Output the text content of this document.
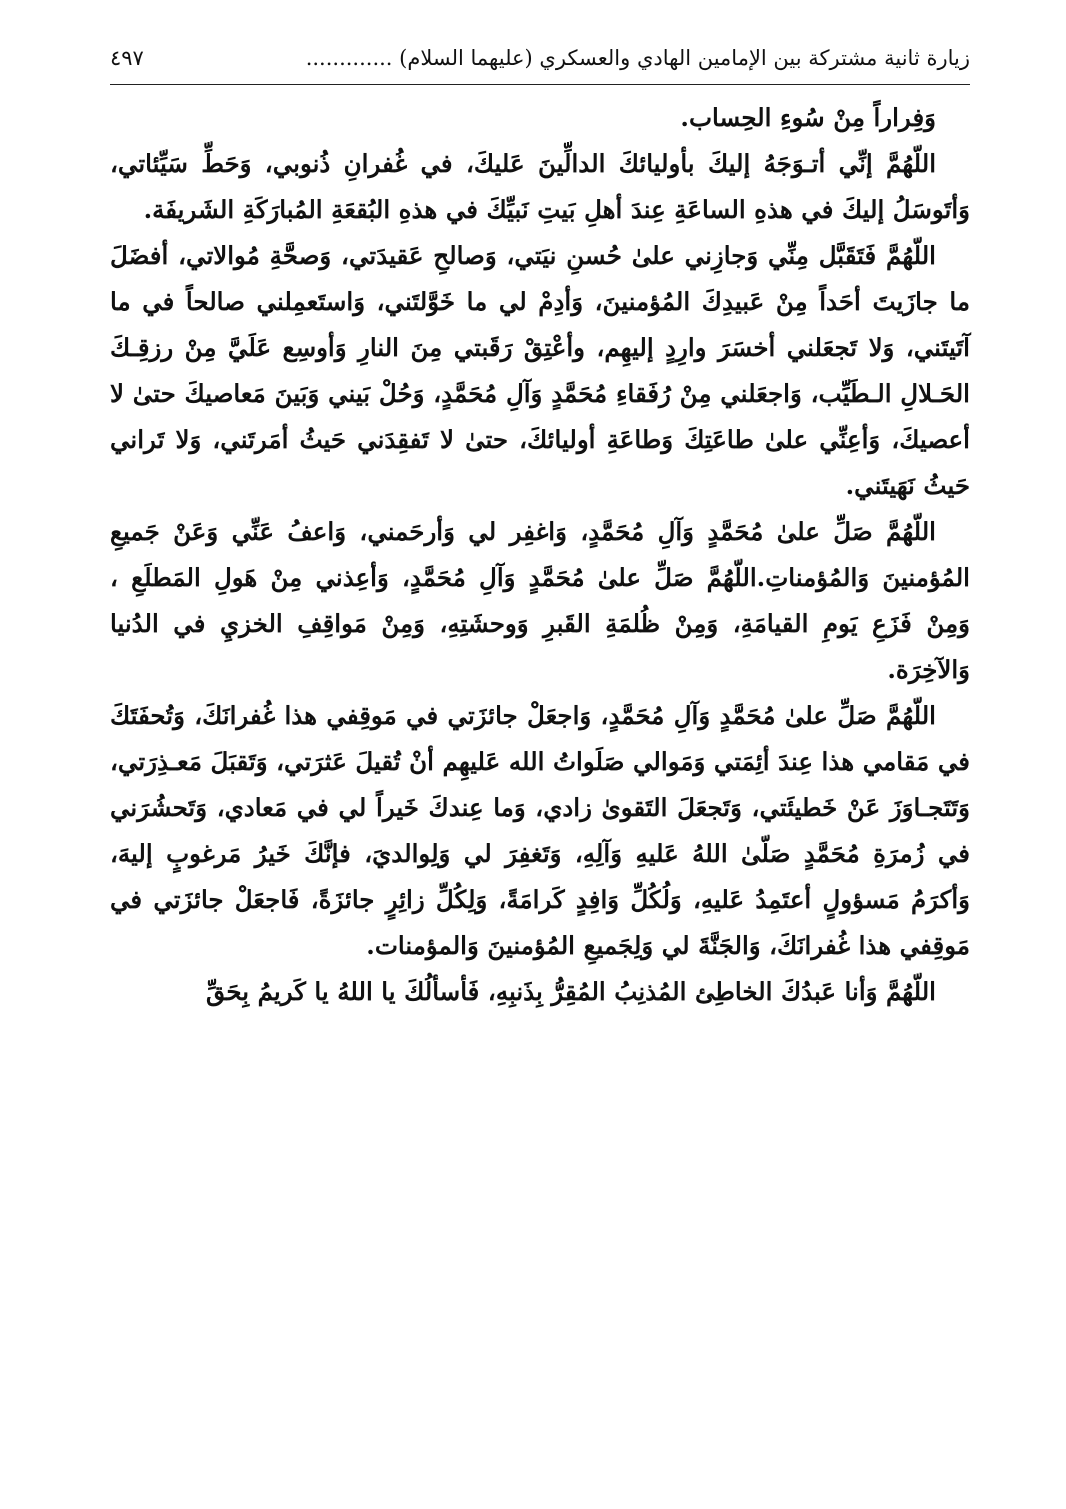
زيارة ثانية مشتركة بين الإمامين الهادي والعسكري (عليهما السلام) .............
٤٩٧

وَفِراراً مِنْ سُوءِ الحِساب.

اللّهُمَّ إنِّي أتـوَجَهُ إليكَ بأوليائكَ الدالِّينَ عَليكَ، في غُفرانِ ذُنوبي، وَحَطِّ سَيِّئاتي، وَأتَوسَلُ إليكَ في هذهِ الساعَةِ عِندَ أهلِ بَيتِ نَبيِّكَ في هذهِ البُقعَةِ المُبارَكَةِ الشَريفَة.

اللّهُمَّ فَتَقَبَّل مِنِّي وَجازِني علىٰ حُسنِ نيَتي، وَصالحِ عَقيدَتي، وَصحَّةِ مُوالاتي، أفضَلَ ما جازَيتَ أحَداً مِنْ عَبيدِكَ المُؤمنينَ، وَأدِمْ لي ما خَوَّلتَني، وَاستَعمِلني صالحاً في ما آتَيتَني، وَلا تَجعَلني أخسَرَ وارِدٍ إليهِم، وأعْتِقْ رَقَبتي مِنَ النارِ وَأوسِع عَلَيَّ مِنْ رزقِـكَ الحَـلالِ الـطَيِّب، وَاجعَلني مِنْ رُفَقاءِ مُحَمَّدٍ وَآلِ مُحَمَّدٍ، وَحُلْ بَيني وَبَينَ مَعاصيكَ حتىٰ لا أعصيكَ، وَأعِنِّي علىٰ طاعَتِكَ وَطاعَةِ أوليائكَ، حتىٰ لا تَفقِدَني حَيثُ أمَرتَني، وَلا تَراني حَيثُ نَهَيتَني.

اللّهُمَّ صَلِّ علىٰ مُحَمَّدٍ وَآلِ مُحَمَّدٍ، وَاغفِر لي وَأرحَمني، وَاعفُ عَنِّي وَعَنْ جَميعِ المُؤمنينَ وَالمُؤمناتِ.اللّهُمَّ صَلِّ علىٰ مُحَمَّدٍ وَآلِ مُحَمَّدٍ، وَأعِذني مِنْ هَولِ المَطلَعِ ، وَمِنْ فَزَعِ يَومِ القيامَةِ، وَمِنْ ظُلمَةِ القَبرِ وَوحشَتِهِ، وَمِنْ مَواقِفِ الخزيِ في الدُنيا وَالآخِرَة.

اللّهُمَّ صَلِّ علىٰ مُحَمَّدٍ وَآلِ مُحَمَّدٍ، وَاجعَلْ جائزَتي في مَوقِفي هذا غُفرانَكَ، وَتُحفَتَكَ في مَقامي هذا عِندَ أئِمَتي وَمَوالي صَلَواتُ الله عَليهِم أنْ تُقيلَ عَثرَتي، وَتَقبَلَ مَعـذِرَتي، وَتَتَجـاوَزَ عَنْ خَطيئَتي، وَتَجعَلَ التَقوىٰ زادي، وَما عِندكَ خَيراً لي في مَعادي، وَتَحشُرَني في زُمرَةِ مُحَمَّدٍ صَلّىٰ اللهُ عَليهِ وَآلِهِ، وَتَغفِرَ لي وَلِوالديَ، فإنَّكَ خَيرُ مَرغوبٍ إليهَ، وَأكرَمُ مَسؤولٍ أعتَمِدُ عَليهِ، وَلُكُلِّ وَافِدٍ كَرامَةً، وَلِكُلِّ زائِرٍ جائزَةً، فَاجعَلْ جائزَتي في مَوقِفي هذا غُفرانَكَ، وَالجَنَّةَ لي وَلِجَميعِ المُؤمنينَ وَالمؤمنات.

اللّهُمَّ وَأنا عَبدُكَ الخاطِئ المُذنِبُ المُقِرُّ بِذَنبِهِ، فَأسألُكَ يا اللهُ يا كَريمُ بِحَقِّ
